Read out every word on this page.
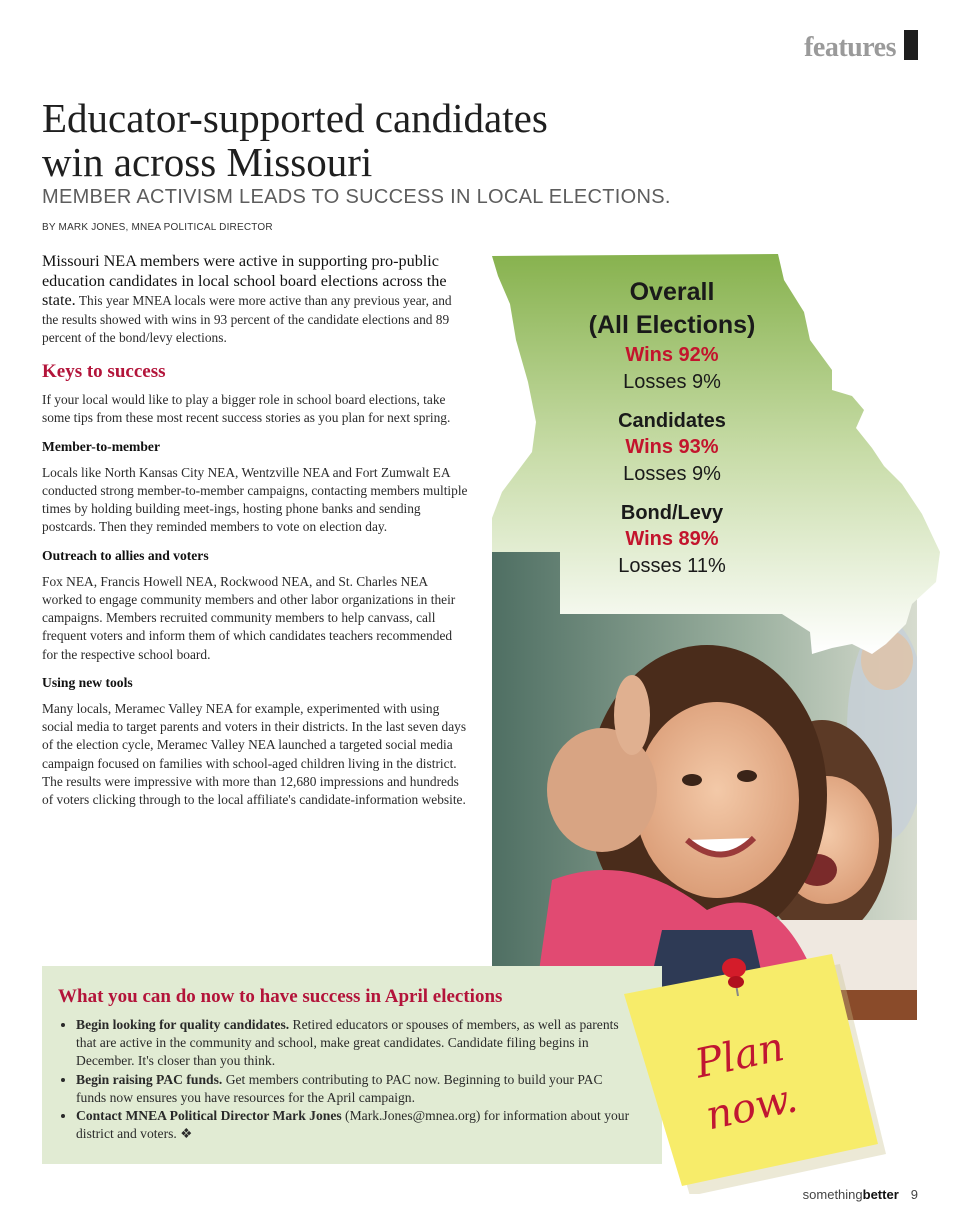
features
Educator-supported candidates
win across Missouri
MEMBER ACTIVISM LEADS TO SUCCESS IN LOCAL ELECTIONS.
BY MARK JONES, MNEA POLITICAL DIRECTOR

Missouri NEA members were active in supporting pro-public education candidates in local school board elections across the state. This year MNEA locals were more active than any previous year, and the results showed with wins in 93 percent of the candidate elections and 89 percent of the bond/levy elections.

Keys to success

If your local would like to play a bigger role in school board elections, take some tips from these most recent success stories as you plan for next spring.

Member-to-member

Locals like North Kansas City NEA, Wentzville NEA and Fort Zumwalt EA conducted strong member-to-member campaigns, contacting members multiple times by holding building meet-ings, hosting phone banks and sending postcards. Then they reminded members to vote on election day.

Outreach to allies and voters

Fox NEA, Francis Howell NEA, Rockwood NEA, and St. Charles NEA worked to engage community members and other labor organizations in their campaigns. Members recruited community members to help canvass, call frequent voters and inform them of which candidates teachers recommended for the respective school board.

Using new tools

Many locals, Meramec Valley NEA for example, experimented with using social media to target parents and voters in their districts. In the last seven days of the election cycle, Meramec Valley NEA launched a targeted social media campaign focused on families with school-aged children living in the district. The results were impressive with more than 12,680 impressions and hundreds of voters clicking through to the local affiliate's candidate-information website.

Overall
(All Elections)
Wins 92%
Losses 9%
Candidates
Wins 93%
Losses 9%
Bond/Levy
Wins 89%
Losses 11%
What you can do now to have success in April elections
• Begin looking for quality candidates. Retired educators or spouses of members, as well as parents that are active in the community and school, make great candidates. Candidate filing begins in December. It's closer than you think.
• Begin raising PAC funds. Get members contributing to PAC now. Beginning to build your PAC funds now ensures you have resources for the April campaign.
• Contact MNEA Political Director Mark Jones (Mark.Jones@mnea.org) for information about your district and voters. ❖
Plan
now.
somethingbetter 9
